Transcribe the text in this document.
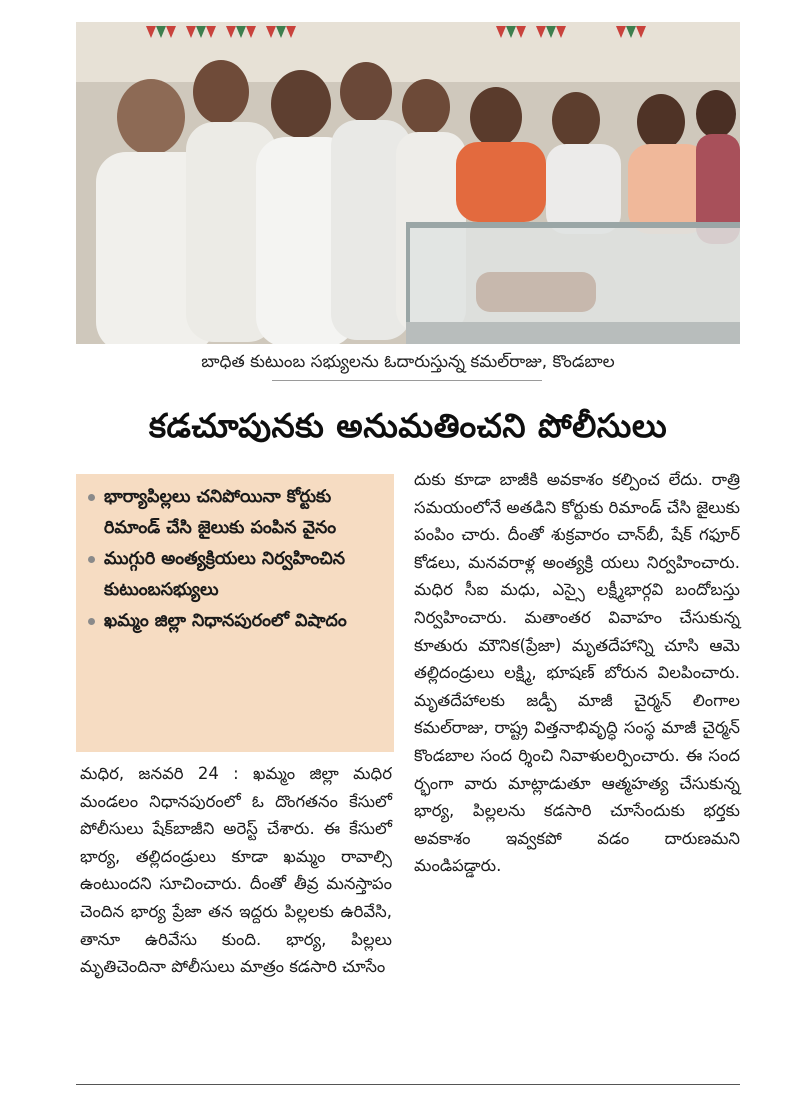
బాధిత కుటుంబ సభ్యులను ఓదారుస్తున్న కమల్‌రాజు, కొండబాల
కడచూపునకు అనుమతించని పోలీసులు
భార్యాపిల్లలు చనిపోయినా కోర్టుకు రిమాండ్‌ చేసి జైలుకు పంపిన వైనం
ముగ్గురి అంత్యక్రియలు నిర్వహించిన కుటుంబసభ్యులు
ఖమ్మం జిల్లా నిధానపురంలో విషాదం

మధిర, జనవరి 24 : ఖమ్మం జిల్లా మధిర మండలం నిధానపురంలో ఓ దొంగతనం కేసులో పోలీసులు షేక్‌బాజీని అరెస్ట్‌ చేశారు. ఈ కేసులో భార్య, తల్లిదండ్రులు కూడా ఖమ్మం రావాల్సి ఉంటుందని సూచించారు. దీంతో తీవ్ర మనస్తాపం చెందిన భార్య ప్రేజా తన ఇద్దరు పిల్లలకు ఉరివేసి, తానూ ఉరివేసు కుంది. భార్య, పిల్లలు మృతిచెందినా పోలీసులు మాత్రం కడసారి చూసేం

దుకు కూడా బాజీకి అవకాశం కల్పించ లేదు. రాత్రి సమయంలోనే అతడిని కోర్టుకు రిమాండ్‌ చేసి జైలుకు పంపిం చారు. దీంతో శుక్రవారం చాన్‌బీ, షేక్‌ గఫూర్‌ కోడలు, మనవరాళ్ల అంత్యక్రి యలు నిర్వహించారు. మధిర సీఐ మధు, ఎస్సై లక్ష్మీభార్గవి బందోబస్తు నిర్వహించారు. మతాంతర వివాహం చేసుకున్న కూతురు మౌనిక(ప్రేజా) మృతదేహాన్ని చూసి ఆమె తల్లిదండ్రులు లక్ష్మి, భూషణ్‌ బోరున విలపించారు. మృతదేహాలకు జడ్పీ మాజీ చైర్మన్‌ లింగాల కమల్‌రాజు, రాష్ట్ర విత్తనాభివృద్ధి సంస్థ మాజీ చైర్మన్‌ కొండబాల సంద ర్శించి నివాళులర్పించారు. ఈ సంద ర్భంగా వారు మాట్లాడుతూ ఆత్మహత్య చేసుకున్న భార్య, పిల్లలను కడసారి చూసేందుకు భర్తకు అవకాశం ఇవ్వకపో వడం దారుణమని మండిపడ్డారు.
